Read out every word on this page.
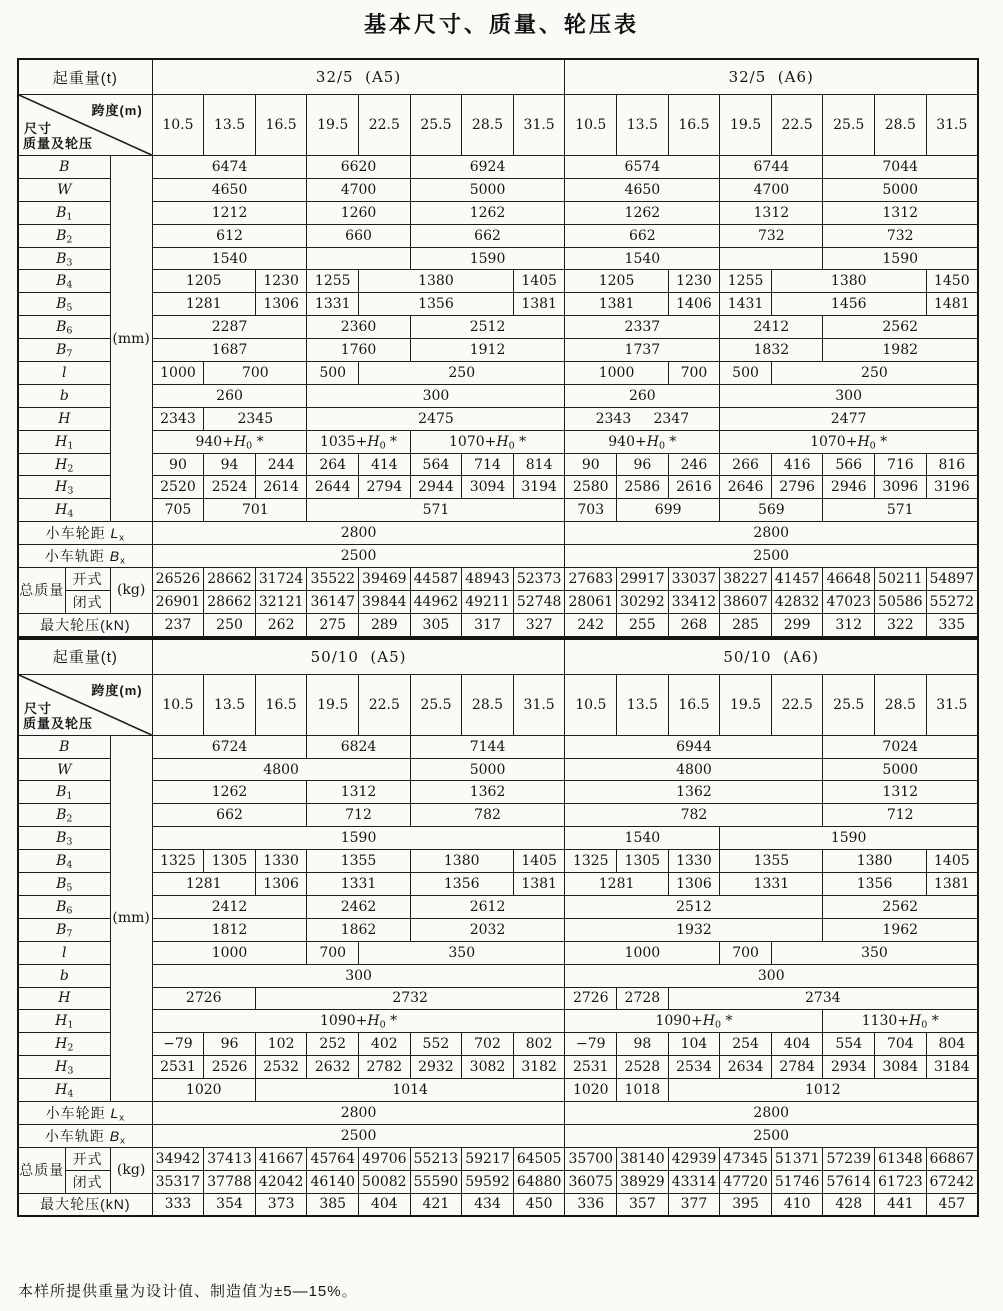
基本尺寸、质量、轮压表
起重量(t)			32/5  (A5)								32/5  (A6)							

跨度(m)
尺寸
质量及轮压			10.5	13.5	16.5	19.5	22.5	25.5	28.5	31.5	10.5	13.5	16.5	19.5	22.5	25.5	28.5	31.5
B		(mm)	6474			6620		6924			6574			6744		7044		
W			4650			4700		5000			4650			4700		5000		
$B_1$			1212			1260		1262			1262			1312		1312		
$B_2$			612			660		662			662			732		732		
$B_3$			1540					1590			1540					1590		
$B_4$			1205		1230	1255	1380			1405	1205		1230	1255	1380			1450
$B_5$			1281		1306	1331	1356			1381	1381		1406	1431	1456			1481
$B_6$			2287			2360		2512			2337			2412		2562		
$B_7$			1687			1760		1912			1737			1832		1982		
l			1000	700		500	250				1000		700	500	250			
b			260			300					260			300				
H			2343	2345		2475					2343     2347			2477				
$H_1$			$940+H_0$ *			$1035+H_0$ *		$1070+H_0$ *			$940+H_0$ *			$1070+H_0$ *				
$H_2$			90	94	244	264	414	564	714	814	90	96	246	266	416	566	716	816
$H_3$			2520	2524	2614	2644	2794	2944	3094	3194	2580	2586	2616	2646	2796	2946	3096	3196
$H_4$			705	701		571					703	699		569		571		
小车轮距 $L_x$			2800								2800							
小车轨距 $B_x$			2500								2500							
总质量	开式	(kg)	26526	28662	31724	35522	39469	44587	48943	52373	27683	29917	33037	38227	41457	46648	50211	54897
	闭式		26901	28662	32121	36147	39844	44962	49211	52748	28061	30292	33412	38607	42832	47023	50586	55272
最大轮压(kN)			237	250	262	275	289	305	317	327	242	255	268	285	299	312	322	335
起重量(t)			50/10  (A5)								50/10  (A6)							

跨度(m)
尺寸
质量及轮压			10.5	13.5	16.5	19.5	22.5	25.5	28.5	31.5	10.5	13.5	16.5	19.5	22.5	25.5	28.5	31.5
B		(mm)	6724			6824		7144			6944					7024		
W			4800					5000			4800					5000		
$B_1$			1262			1312		1362			1362					1312		
$B_2$			662			712		782			782					712		
$B_3$			1590								1540			1590				
$B_4$			1325	1305	1330	1355		1380		1405	1325	1305	1330	1355		1380		1405
$B_5$			1281		1306	1331		1356		1381	1281		1306	1331		1356		1381
$B_6$			2412			2462		2612			2512					2562		
$B_7$			1812			1862		2032			1932					1962		
l			1000			700	350				1000			700	350			
b			300								300							
H			2726		2732						2726	2728	2734					
$H_1$			$1090+H_0$ *								$1090+H_0$ *					$1130+H_0$ *		
$H_2$			−79	96	102	252	402	552	702	802	−79	98	104	254	404	554	704	804
$H_3$			2531	2526	2532	2632	2782	2932	3082	3182	2531	2528	2534	2634	2784	2934	3084	3184
$H_4$			1020		1014						1020	1018	1012					
小车轮距 $L_x$			2800								2800							
小车轨距 $B_x$			2500								2500							
总质量	开式	(kg)	34942	37413	41667	45764	49706	55213	59217	64505	35700	38140	42939	47345	51371	57239	61348	66867
	闭式		35317	37788	42042	46140	50082	55590	59592	64880	36075	38929	43314	47720	51746	57614	61723	67242
最大轮压(kN)			333	354	373	385	404	421	434	450	336	357	377	395	410	428	441	457
本样所提供重量为设计值、制造值为±5—15%。
